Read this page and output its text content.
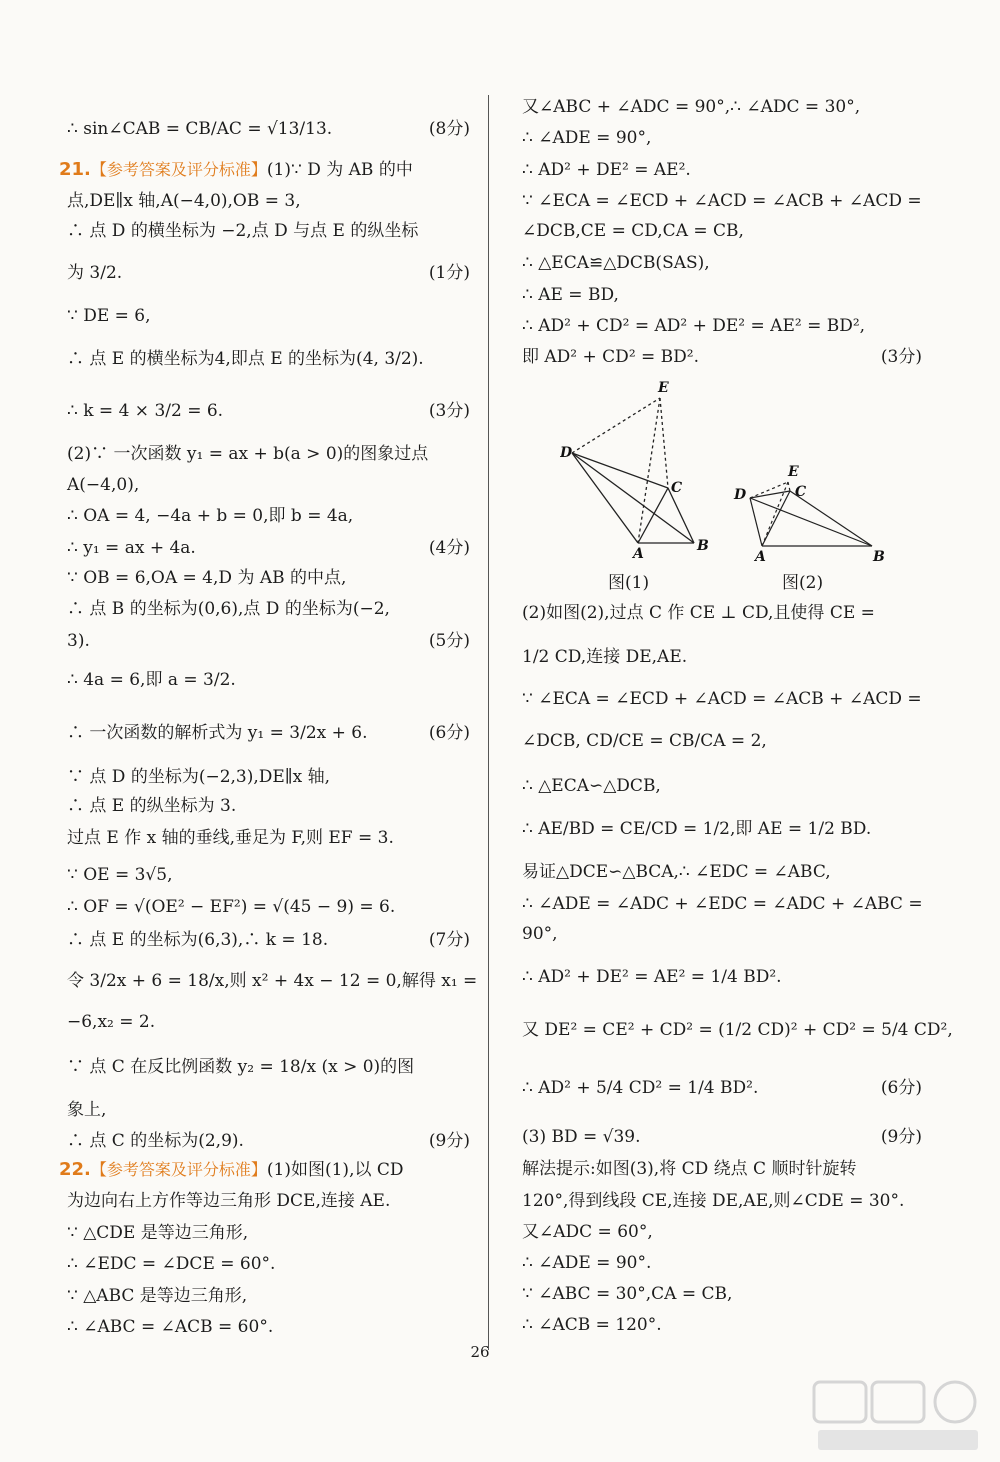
∴ sin∠CAB = CB/AC = √13/13.	(8分)
21.【参考答案及评分标准】(1)∵ D 为 AB 的中
点,DE∥x 轴,A(−4,0),OB = 3,
∴ 点 D 的横坐标为 −2,点 D 与点 E 的纵坐标
为 3/2.	(1分)
∵ DE = 6,
∴ 点 E 的横坐标为4,即点 E 的坐标为(4, 3/2).
∴ k = 4 × 3/2 = 6.	(3分)
(2)∵ 一次函数 y₁ = ax + b(a > 0)的图象过点
A(−4,0),
∴ OA = 4, −4a + b = 0,即 b = 4a,
∴ y₁ = ax + 4a.	(4分)
∵ OB = 6,OA = 4,D 为 AB 的中点,
∴ 点 B 的坐标为(0,6),点 D 的坐标为(−2,
3).	(5分)
∴ 4a = 6,即 a = 3/2.
∴ 一次函数的解析式为 y₁ = 3/2x + 6.	(6分)
∵ 点 D 的坐标为(−2,3),DE∥x 轴,
∴ 点 E 的纵坐标为 3.
过点 E 作 x 轴的垂线,垂足为 F,则 EF = 3.
∵ OE = 3√5,
∴ OF = √(OE² − EF²) = √(45 − 9) = 6.
∴ 点 E 的坐标为(6,3),∴ k = 18.	(7分)
令 3/2x + 6 = 18/x,则 x² + 4x − 12 = 0,解得 x₁ =
−6,x₂ = 2.
∵ 点 C 在反比例函数 y₂ = 18/x (x > 0)的图
象上,
∴ 点 C 的坐标为(2,9).	(9分)
22.【参考答案及评分标准】(1)如图(1),以 CD
为边向右上方作等边三角形 DCE,连接 AE.
∵ △CDE 是等边三角形,
∴ ∠EDC = ∠DCE = 60°.
∵ △ABC 是等边三角形,
∴ ∠ABC = ∠ACB = 60°.
又∠ABC + ∠ADC = 90°,∴ ∠ADC = 30°,
∴ ∠ADE = 90°,
∴ AD² + DE² = AE².
∵ ∠ECA = ∠ECD + ∠ACD = ∠ACB + ∠ACD =
∠DCB,CE = CD,CA = CB,
∴ △ECA≌△DCB(SAS),
∴ AE = BD,
∴ AD² + CD² = AD² + DE² = AE² = BD²,
即 AD² + CD² = BD².	(3分)
(2)如图(2),过点 C 作 CE ⊥ CD,且使得 CE =
1/2 CD,连接 DE,AE.
∵ ∠ECA = ∠ECD + ∠ACD = ∠ACB + ∠ACD =
∠DCB, CD/CE = CB/CA = 2,
∴ △ECA∽△DCB,
∴ AE/BD = CE/CD = 1/2,即 AE = 1/2 BD.
易证△DCE∽△BCA,∴ ∠EDC = ∠ABC,
∴ ∠ADE = ∠ADC + ∠EDC = ∠ADC + ∠ABC =
90°,
∴ AD² + DE² = AE² = 1/4 BD².
又 DE² = CE² + CD² = (1/2 CD)² + CD² = 5/4 CD²,
∴ AD² + 5/4 CD² = 1/4 BD².	(6分)
(3) BD = √39.	(9分)
解法提示:如图(3),将 CD 绕点 C 顺时针旋转
120°,得到线段 CE,连接 DE,AE,则∠CDE = 30°.
又∠ADC = 60°,
∴ ∠ADE = 90°.
∵ ∠ABC = 30°,CA = CB,
∴ ∠ACB = 120°.
E
D
C
A	B
E
D	C
A	B
图(1)	图(2)
26
